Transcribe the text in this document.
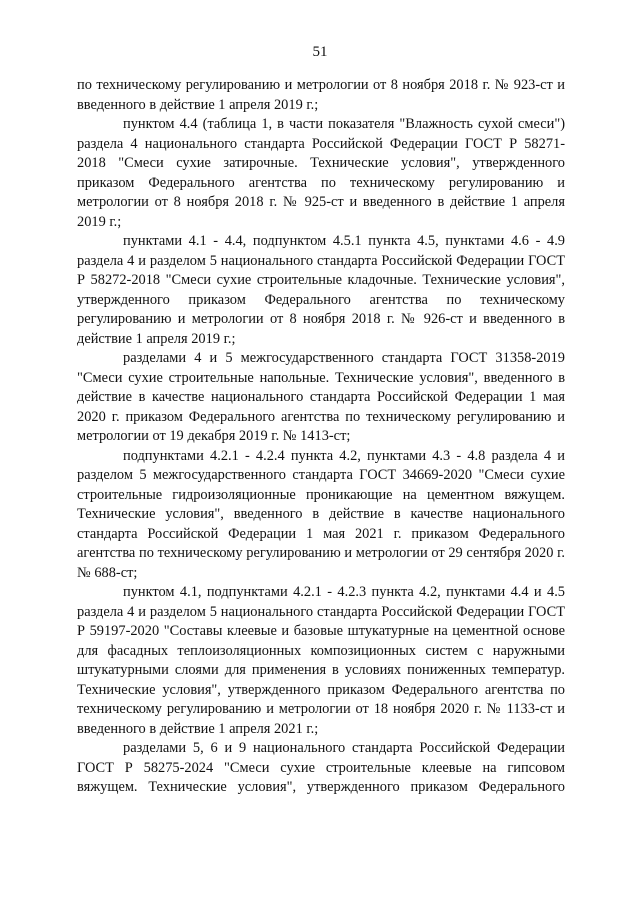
51

по техническому регулированию и метрологии от 8 ноября 2018 г. № 923-ст и введенного в действие 1 апреля 2019 г.;

пунктом 4.4 (таблица 1, в части показателя "Влажность сухой смеси") раздела 4 национального стандарта Российской Федерации ГОСТ Р 58271-2018 "Смеси сухие затирочные. Технические условия", утвержденного приказом Федерального агентства по техническому регулированию и метрологии от 8 ноября 2018 г. № 925-ст и введенного в действие 1 апреля 2019 г.;

пунктами 4.1 - 4.4, подпунктом 4.5.1 пункта 4.5, пунктами 4.6 - 4.9 раздела 4 и разделом 5 национального стандарта Российской Федерации ГОСТ Р 58272-2018 "Смеси сухие строительные кладочные. Технические условия", утвержденного приказом Федерального агентства по техническому регулированию и метрологии от 8 ноября 2018 г. № 926-ст и введенного в действие 1 апреля 2019 г.;

разделами 4 и 5 межгосударственного стандарта ГОСТ 31358-2019 "Смеси сухие строительные напольные. Технические условия", введенного в действие в качестве национального стандарта Российской Федерации 1 мая 2020 г. приказом Федерального агентства по техническому регулированию и метрологии от 19 декабря 2019 г. № 1413-ст;

подпунктами 4.2.1 - 4.2.4 пункта 4.2, пунктами 4.3 - 4.8 раздела 4 и разделом 5 межгосударственного стандарта ГОСТ 34669-2020 "Смеси сухие строительные гидроизоляционные проникающие на цементном вяжущем. Технические условия", введенного в действие в качестве национального стандарта Российской Федерации 1 мая 2021 г. приказом Федерального агентства по техническому регулированию и метрологии от 29 сентября 2020 г. № 688-ст;

пунктом 4.1, подпунктами 4.2.1 - 4.2.3 пункта 4.2, пунктами 4.4 и 4.5 раздела 4 и разделом 5 национального стандарта Российской Федерации ГОСТ Р 59197-2020 "Составы клеевые и базовые штукатурные на цементной основе для фасадных теплоизоляционных композиционных систем с наружными штукатурными слоями для применения в условиях пониженных температур. Технические условия", утвержденного приказом Федерального агентства по техническому регулированию и метрологии от 18 ноября 2020 г. № 1133-ст и введенного в действие 1 апреля 2021 г.;

разделами 5, 6 и 9 национального стандарта Российской Федерации ГОСТ Р 58275-2024 "Смеси сухие строительные клеевые на гипсовом вяжущем. Технические условия", утвержденного приказом Федерального
